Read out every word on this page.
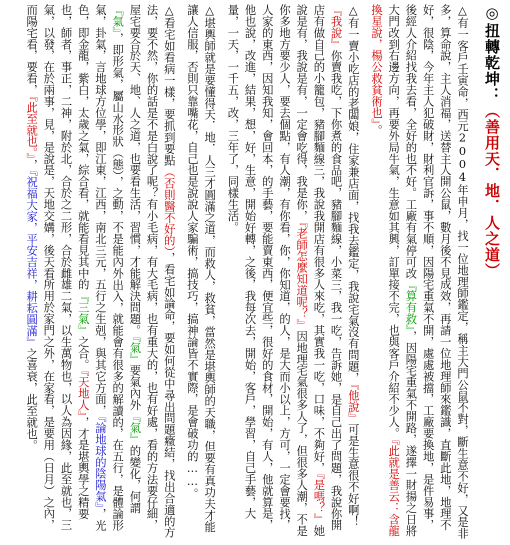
◎扭轉乾坤：（善用天．地．人之道）
△有一客戶壬寅命，西元2004年申月，找一位地理師鑑定，稱主大門公鼠不對，斷生意不好，又是非多，算命說，主人消福，送替主人開公鼠，數月後不見成效，再請一位地理師來鑑識，直斷此地，地理不好，很陰，今年主人犯破財，財利官訴，事不順，因陽宅重氣不開，處處被擋，工廠要換地，是件易事，後經人介紹找我去看，全好的也不好。工廠有氣停可改『算有救』，因陽宅重氣不開路，遂擇一財揚之日將大門改到右邊方向，再要外局牛氣，生意如其興，訂單接不完，也與客戶介紹不少人。『此就是善云：含龍換星說，楊公救貧術也』。
△有一賣小吃店的老闆娘，住家兼店面，找我去鑑定，我說宅氣沒有問題，『他說』可是生意很不好啊！『我說』你賣我吃，下你煮的食品吧，豬腳麵線，小菜三，我一吃，告訴她，是自己出了問題，我說你開店有做自己的小籠包，豬腳麵線三，我說我開店有很多人來吃，其實我一吃，口味，不夠好，『是嗎？』她說是有，我說是有，一定會吃得，我是你，『老師怎麼知道呢？』因地理宅氣很多人了，但很多人潮，不是你多地方要少人，要去個點，有人潮，有你看，你，你知道，的人，是大而小以上，方可，一定會要找，人家的東西，因知我知，會回本，的手藝，要能賣東西，便宜些，很好的食材，開始，有人，他就算是，他也說，改進，結果，想，好，生意，開始好轉，之後，我每次去，開始，客戶，學習，自己手藝，大量，一天，一千五，改，三年了，同樣生活。
△堪輿師就是要懂得天．地．人三才圓滿之道，而救人，救貧，當然是堪輿師的天職，但要有真功夫才能讓人信服，否則只靠嘴花，自己也是說說人家騙術，搞技巧，搞神論皆不實際，是會破功的……。
△看宅如看病一樣，要抓到要點（否則醫不好的），看宅如論命，要如何從中尋出問題癥結，找出合適的方法，要不然，你的話是不是白說了呢？有小毛病，有大毛病，也有重大的，也有好處，看的方法要仔細，屋宅要合於天、地、人之道，也要看生活，習慣，才能解決問題。『氣』要氣內外『氣』的變化，何謂『氣』，即形氣，屬山水形狀（態），之動，不是能內外出入，就能會有很多的解讀的，在五行，是體論形氣，卦氣，言地球方位學，即江東，江西，南北三元，五行之生剋，與其它方面，『論地球的陰陽氣』，光色，即金龍，紫白，太歲之氣，綜合看，就能看見其中的『三氣』之合。『天地人』，才是堪輿學之精要也，師者，事正，二神，附於北，合於之二形，合於雌雄二氣，以生萬物也，以人為因緣，此至就也，三氣，以發，在於兩事，見，是說是，天地交媾，後天看所用於家門之外，在家看，是要用（日月）之內，而陽宅看，要看，『此至就也。』，『祝福大家，平安吉祥，耕耘圓滿』之喜衰，此至就也。
